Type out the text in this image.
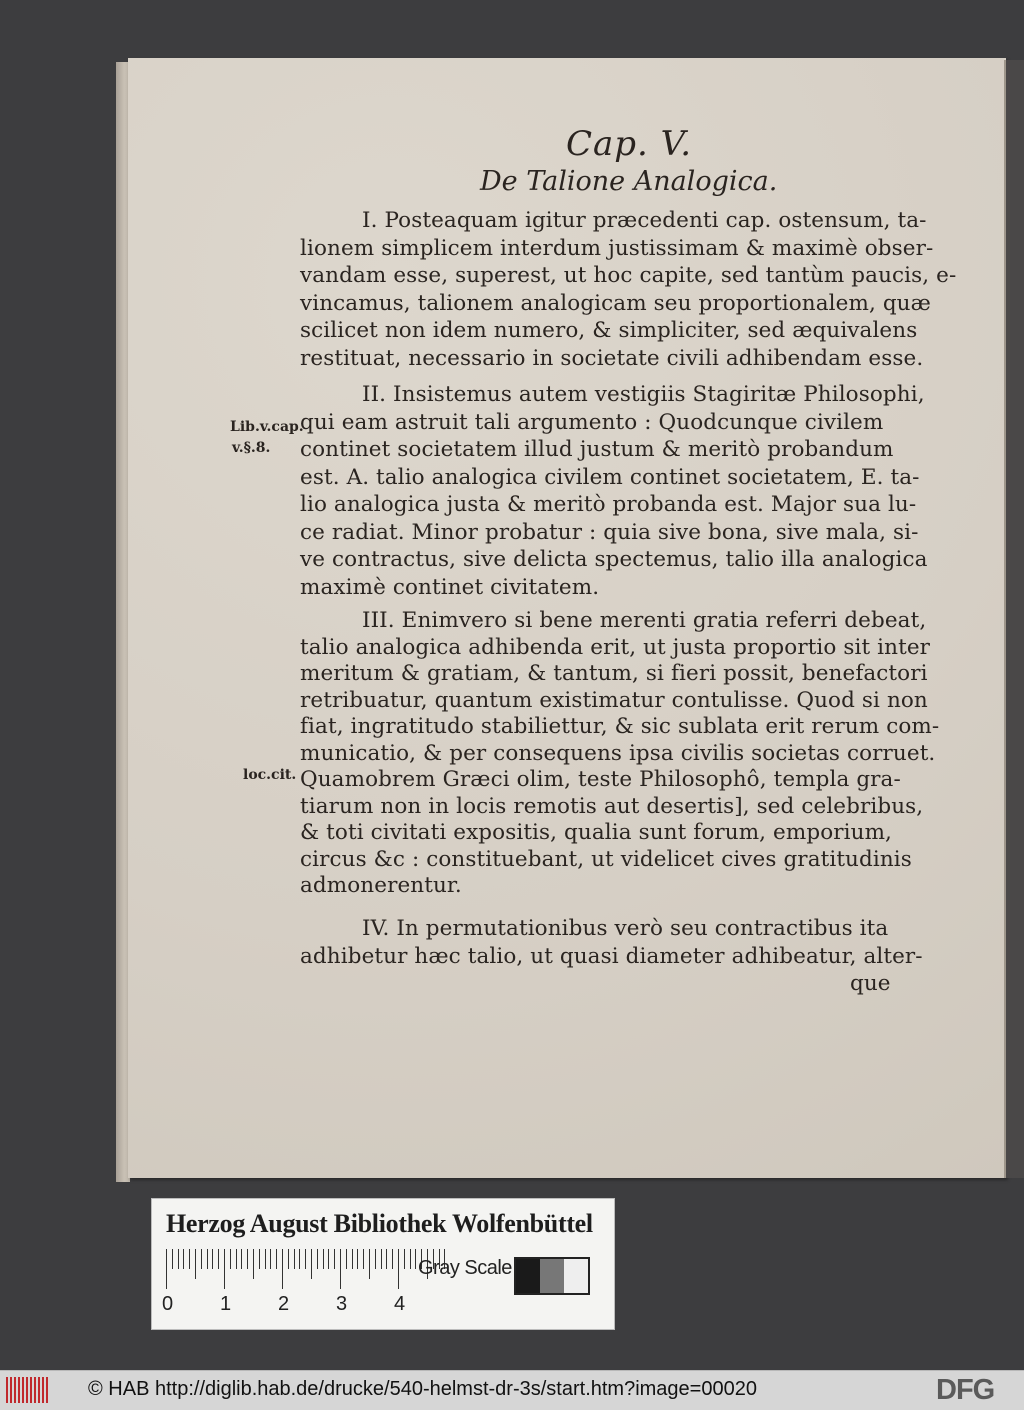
Cap. V.
De Talione Analogica.
I. Posteaquam igitur præcedenti cap. ostensum, ta-
lionem simplicem interdum justissimam & maximè obser-
vandam esse, superest, ut hoc capite, sed tantùm paucis, e-
vincamus, talionem analogicam seu proportionalem, quæ
scilicet non idem numero, & simpliciter, sed æquivalens
restituat, necessario in societate civili adhibendam esse.
II. Insistemus autem vestigiis Stagiritæ Philosophi,
qui eam astruit tali argumento : Quodcunque civilem
continet societatem illud justum & meritò probandum
est. A. talio analogica civilem continet societatem, E. ta-
lio analogica justa & meritò probanda est. Major sua lu-
ce radiat. Minor probatur : quia sive bona, sive mala, si-
ve contractus, sive delicta spectemus, talio illa analogica
maximè continet civitatem.
III. Enimvero si bene merenti gratia referri debeat,
talio analogica adhibenda erit, ut justa proportio sit inter
meritum & gratiam, & tantum, si fieri possit, benefactori
retribuatur, quantum existimatur contulisse. Quod si non
fiat, ingratitudo stabiliettur, & sic sublata erit rerum com-
municatio, & per consequens ipsa civilis societas corruet.
Quamobrem Græci olim, teste Philosophô, templa gra-
tiarum non in locis remotis aut desertis], sed celebribus,
& toti civitati expositis, qualia sunt forum, emporium,
circus &c : constituebant, ut videlicet cives gratitudinis
admonerentur.
IV. In permutationibus verò seu contractibus ita
adhibetur hæc talio, ut quasi diameter adhibeatur, alter-
que
Lib.v.cap.
v.§.8.
loc.cit.
Herzog August Bibliothek Wolfenbüttel
Gray Scale
0 1 2 3 4
© HAB http://diglib.hab.de/drucke/540-helmst-dr-3s/start.htm?image=00020	DFG
